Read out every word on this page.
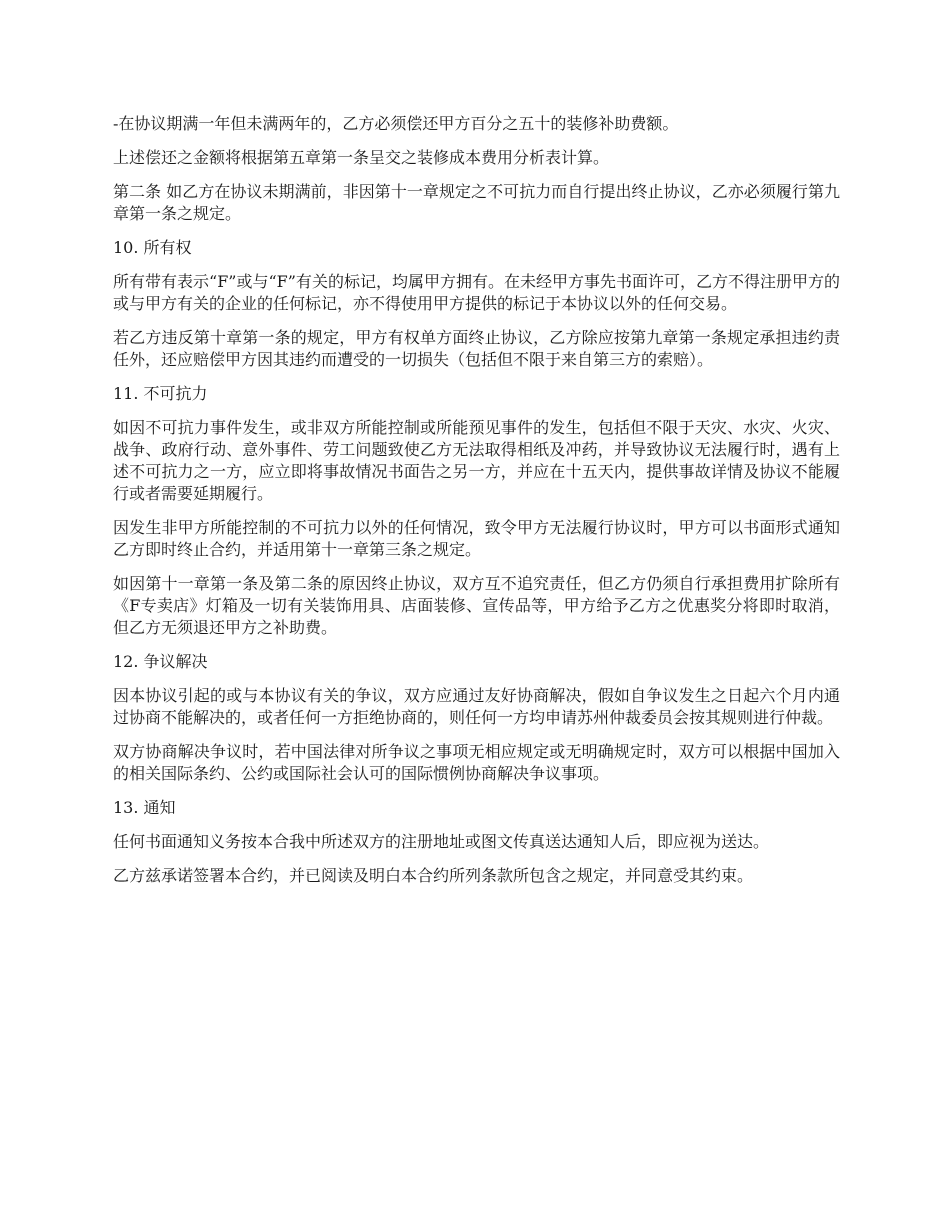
-在协议期满一年但未满两年的，乙方必须偿还甲方百分之五十的装修补助费额。

上述偿还之金额将根据第五章第一条呈交之装修成本费用分析表计算。

第二条 如乙方在协议未期满前，非因第十一章规定之不可抗力而自行提出终止协议，乙亦必须履行第九章第一条之规定。

10. 所有权

所有带有表示“F”或与“F”有关的标记，均属甲方拥有。在未经甲方事先书面许可，乙方不得注册甲方的或与甲方有关的企业的任何标记，亦不得使用甲方提供的标记于本协议以外的任何交易。

若乙方违反第十章第一条的规定，甲方有权单方面终止协议，乙方除应按第九章第一条规定承担违约责任外，还应赔偿甲方因其违约而遭受的一切损失（包括但不限于来自第三方的索赔）。

11. 不可抗力

如因不可抗力事件发生，或非双方所能控制或所能预见事件的发生，包括但不限于天灾、水灾、火灾、战争、政府行动、意外事件、劳工问题致使乙方无法取得相纸及冲药，并导致协议无法履行时，遇有上述不可抗力之一方，应立即将事故情况书面告之另一方，并应在十五天内，提供事故详情及协议不能履行或者需要延期履行。

因发生非甲方所能控制的不可抗力以外的任何情况，致令甲方无法履行协议时，甲方可以书面形式通知乙方即时终止合约，并适用第十一章第三条之规定。

如因第十一章第一条及第二条的原因终止协议，双方互不追究责任，但乙方仍须自行承担费用扩除所有《F专卖店》灯箱及一切有关装饰用具、店面装修、宣传品等，甲方给予乙方之优惠奖分将即时取消，但乙方无须退还甲方之补助费。

12. 争议解决

因本协议引起的或与本协议有关的争议，双方应通过友好协商解决，假如自争议发生之日起六个月内通过协商不能解决的，或者任何一方拒绝协商的，则任何一方均申请苏州仲裁委员会按其规则进行仲裁。

双方协商解决争议时，若中国法律对所争议之事项无相应规定或无明确规定时，双方可以根据中国加入的相关国际条约、公约或国际社会认可的国际惯例协商解决争议事项。

13. 通知

任何书面通知义务按本合我中所述双方的注册地址或图文传真送达通知人后，即应视为送达。

乙方兹承诺签署本合约，并已阅读及明白本合约所列条款所包含之规定，并同意受其约束。
